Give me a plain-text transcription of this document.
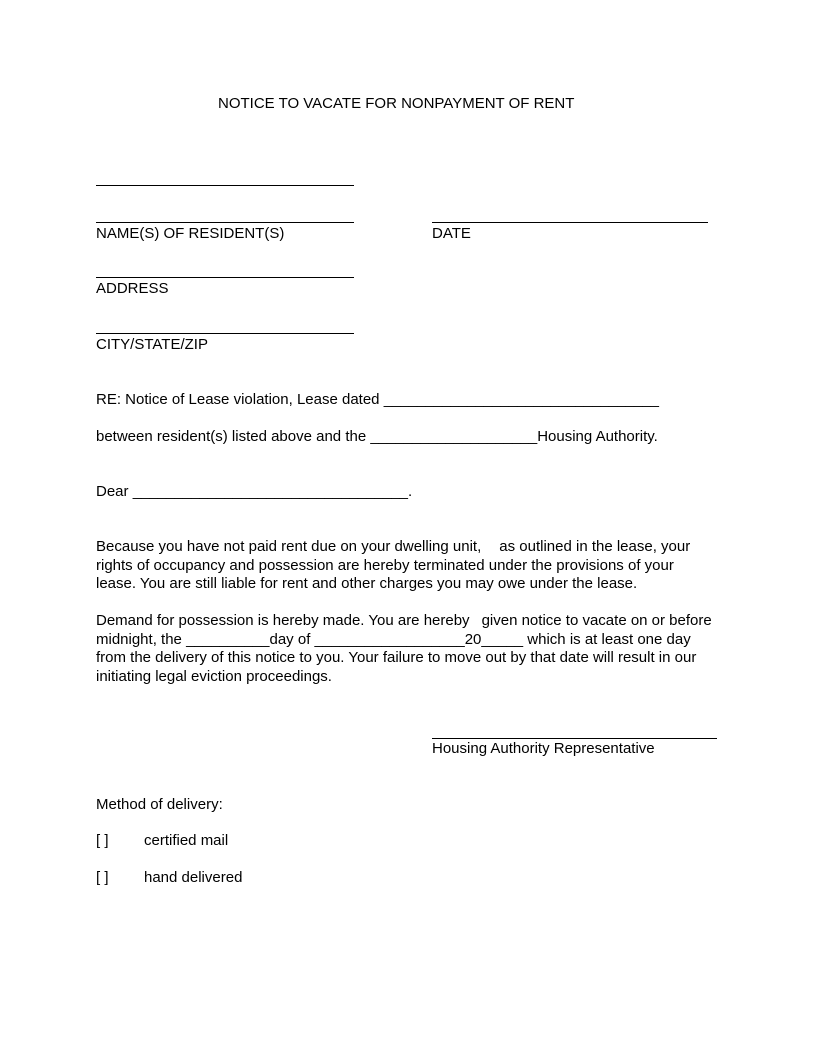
NOTICE TO VACATE FOR NONPAYMENT OF RENT
NAME(S) OF RESIDENT(S)	DATE
ADDRESS
CITY/STATE/ZIP
RE: Notice of Lease violation, Lease dated _________________________________
between resident(s) listed above and the ____________________Housing Authority.
Dear _________________________________.
Because you have not paid rent due on your dwelling unit, as outlined in the lease, your rights of occupancy and possession are hereby terminated under the provisions of your lease. You are still liable for rent and other charges you may owe under the lease.
Demand for possession is hereby made. You are hereby given notice to vacate on or before midnight, the __________day of __________________20_____ which is at least one day from the delivery of this notice to you. Your failure to move out by that date will result in our initiating legal eviction proceedings.
Housing Authority Representative
Method of delivery:
[ ] certified mail
[ ] hand delivered
